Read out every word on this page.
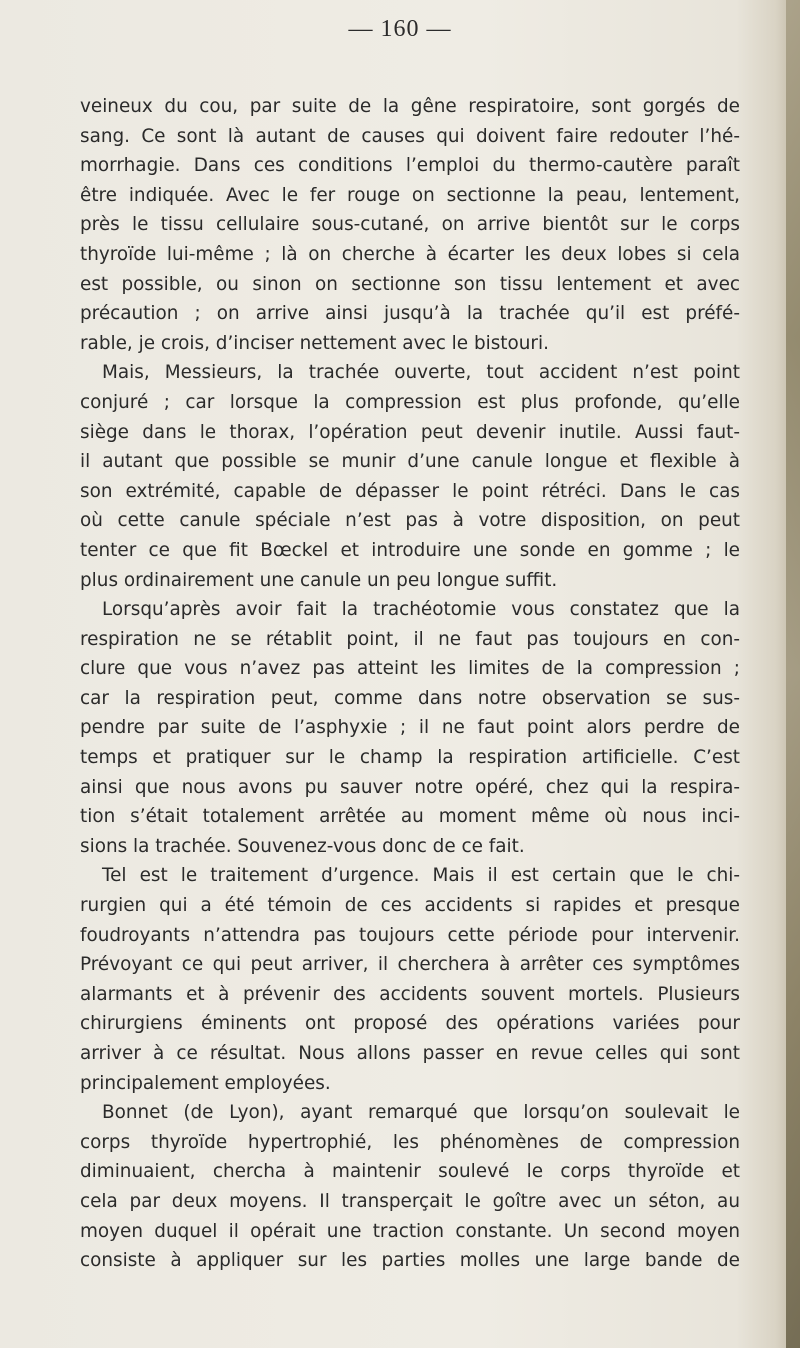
— 160 —
veineux du cou, par suite de la gêne respiratoire, sont gorgés de
sang. Ce sont là autant de causes qui doivent faire redouter l’hé-
morrhagie. Dans ces conditions l’emploi du thermo-cautère paraît
être indiquée. Avec le fer rouge on sectionne la peau, lentement,
près le tissu cellulaire sous-cutané, on arrive bientôt sur le corps
thyroïde lui-même ; là on cherche à écarter les deux lobes si cela
est possible, ou sinon on sectionne son tissu lentement et avec
précaution ; on arrive ainsi jusqu’à la trachée qu’il est préfé-
rable, je crois, d’inciser nettement avec le bistouri.
Mais, Messieurs, la trachée ouverte, tout accident n’est point
conjuré ; car lorsque la compression est plus profonde, qu’elle
siège dans le thorax, l’opération peut devenir inutile. Aussi faut-
il autant que possible se munir d’une canule longue et flexible à
son extrémité, capable de dépasser le point rétréci. Dans le cas
où cette canule spéciale n’est pas à votre disposition, on peut
tenter ce que fit Bœckel et introduire une sonde en gomme ; le
plus ordinairement une canule un peu longue suffit.
Lorsqu’après avoir fait la trachéotomie vous constatez que la
respiration ne se rétablit point, il ne faut pas toujours en con-
clure que vous n’avez pas atteint les limites de la compression ;
car la respiration peut, comme dans notre observation se sus-
pendre par suite de l’asphyxie ; il ne faut point alors perdre de
temps et pratiquer sur le champ la respiration artificielle. C’est
ainsi que nous avons pu sauver notre opéré, chez qui la respira-
tion s’était totalement arrêtée au moment même où nous inci-
sions la trachée. Souvenez-vous donc de ce fait.
Tel est le traitement d’urgence. Mais il est certain que le chi-
rurgien qui a été témoin de ces accidents si rapides et presque
foudroyants n’attendra pas toujours cette période pour intervenir.
Prévoyant ce qui peut arriver, il cherchera à arrêter ces symptômes
alarmants et à prévenir des accidents souvent mortels. Plusieurs
chirurgiens éminents ont proposé des opérations variées pour
arriver à ce résultat. Nous allons passer en revue celles qui sont
principalement employées.
Bonnet (de Lyon), ayant remarqué que lorsqu’on soulevait le
corps thyroïde hypertrophié, les phénomènes de compression
diminuaient, chercha à maintenir soulevé le corps thyroïde et
cela par deux moyens. Il transperçait le goître avec un séton, au
moyen duquel il opérait une traction constante. Un second moyen
consiste à appliquer sur les parties molles une large bande de
